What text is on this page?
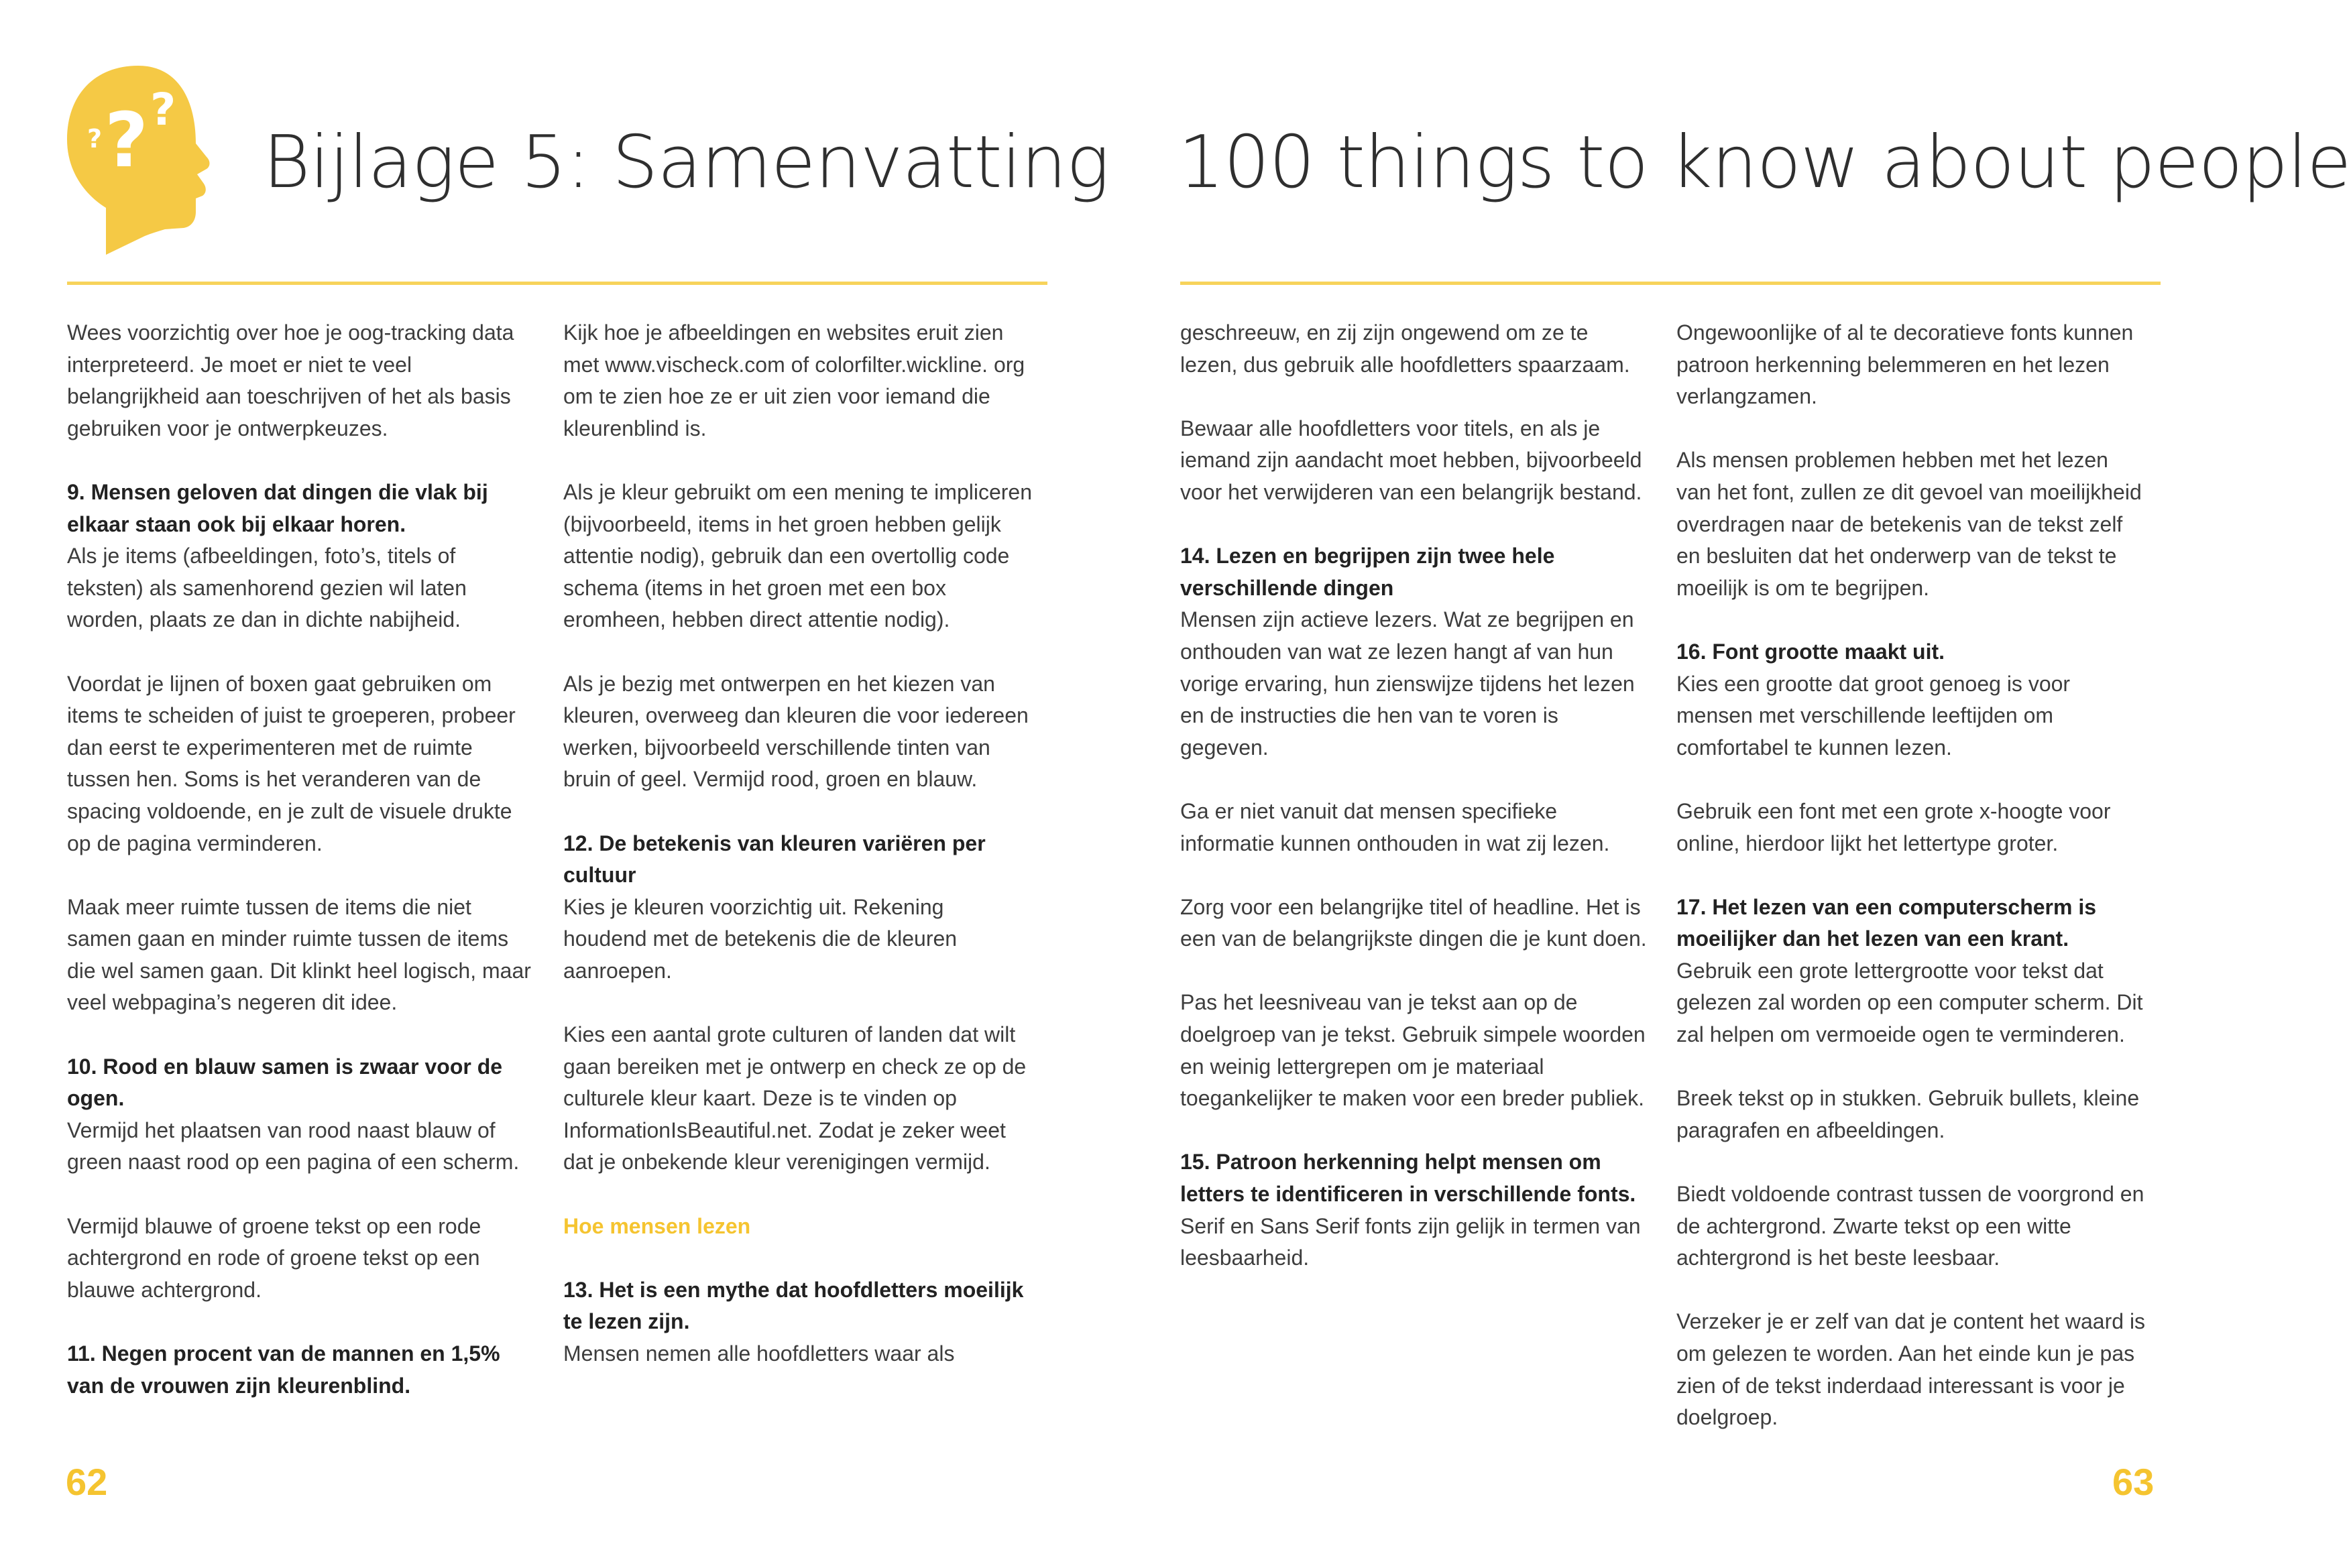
? ?
? Bijlage 5: Samenvatting 100 things to know about people

Wees voorzichtig over hoe je oog-tracking data interpreteerd. Je moet er niet te veel belangrijkheid aan toeschrijven of het als basis gebruiken voor je ontwerpkeuzes.

9. Mensen geloven dat dingen die vlak bij elkaar staan ook bij elkaar horen.
Als je items (afbeeldingen, foto’s, titels of teksten) als samenhorend gezien wil laten worden, plaats ze dan in dichte nabijheid.

Voordat je lijnen of boxen gaat gebruiken om items te scheiden of juist te groeperen, probeer dan eerst te experimenteren met de ruimte tussen hen. Soms is het veranderen van de spacing voldoende, en je zult de visuele drukte op de pagina verminderen.

Maak meer ruimte tussen de items die niet samen gaan en minder ruimte tussen de items die wel samen gaan. Dit klinkt heel logisch, maar veel webpagina’s negeren dit idee.

10. Rood en blauw samen is zwaar voor de ogen.
Vermijd het plaatsen van rood naast blauw of green naast rood op een pagina of een scherm.

Vermijd blauwe of groene tekst op een rode achtergrond en rode of groene tekst op een blauwe achtergrond.

11. Negen procent van de mannen en 1,5% van de vrouwen zijn kleurenblind.

Kijk hoe je afbeeldingen en websites eruit zien met www.vischeck.com of colorfilter.wickline. org om te zien hoe ze er uit zien voor iemand die kleurenblind is.

Als je kleur gebruikt om een mening te impliceren (bijvoorbeeld, items in het groen hebben gelijk attentie nodig), gebruik dan een overtollig code schema (items in het groen met een box eromheen, hebben direct attentie nodig).

Als je bezig met ontwerpen en het kiezen van kleuren, overweeg dan kleuren die voor iedereen werken, bijvoorbeeld verschillende tinten van bruin of geel. Vermijd rood, groen en blauw.

12. De betekenis van kleuren variëren per cultuur
Kies je kleuren voorzichtig uit. Rekening houdend met de betekenis die de kleuren aanroepen.

Kies een aantal grote culturen of landen dat wilt gaan bereiken met je ontwerp en check ze op de culturele kleur kaart. Deze is te vinden op InformationIsBeautiful.net. Zodat je zeker weet dat je onbekende kleur verenigingen vermijd.

Hoe mensen lezen

13. Het is een mythe dat hoofdletters moeilijk te lezen zijn.
Mensen nemen alle hoofdletters waar als

geschreeuw, en zij zijn ongewend om ze te lezen, dus gebruik alle hoofdletters spaarzaam.

Bewaar alle hoofdletters voor titels, en als je iemand zijn aandacht moet hebben, bijvoorbeeld voor het verwijderen van een belangrijk bestand.

14. Lezen en begrijpen zijn twee hele verschillende dingen
Mensen zijn actieve lezers. Wat ze begrijpen en onthouden van wat ze lezen hangt af van hun vorige ervaring, hun zienswijze tijdens het lezen en de instructies die hen van te voren is gegeven.

Ga er niet vanuit dat mensen specifieke informatie kunnen onthouden in wat zij lezen.

Zorg voor een belangrijke titel of headline. Het is een van de belangrijkste dingen die je kunt doen.

Pas het leesniveau van je tekst aan op de doelgroep van je tekst. Gebruik simpele woorden en weinig lettergrepen om je materiaal toegankelijker te maken voor een breder publiek.

15. Patroon herkenning helpt mensen om letters te identificeren in verschillende fonts.
Serif en Sans Serif fonts zijn gelijk in termen van leesbaarheid.

Ongewoonlijke of al te decoratieve fonts kunnen patroon herkenning belemmeren en het lezen verlangzamen.

Als mensen problemen hebben met het lezen van het font, zullen ze dit gevoel van moeilijkheid overdragen naar de betekenis van de tekst zelf en besluiten dat het onderwerp van de tekst te moeilijk is om te begrijpen.

16. Font grootte maakt uit.
Kies een grootte dat groot genoeg is voor mensen met verschillende leeftijden om comfortabel te kunnen lezen.

Gebruik een font met een grote x-hoogte voor online, hierdoor lijkt het lettertype groter.

17. Het lezen van een computerscherm is moeilijker dan het lezen van een krant.
Gebruik een grote lettergrootte voor tekst dat gelezen zal worden op een computer scherm. Dit zal helpen om vermoeide ogen te verminderen.

Breek tekst op in stukken. Gebruik bullets, kleine paragrafen en afbeeldingen.

Biedt voldoende contrast tussen de voorgrond en de achtergrond. Zwarte tekst op een witte achtergrond is het beste leesbaar.

Verzeker je er zelf van dat je content het waard is om gelezen te worden. Aan het einde kun je pas zien of de tekst inderdaad interessant is voor je doelgroep.

62	63
